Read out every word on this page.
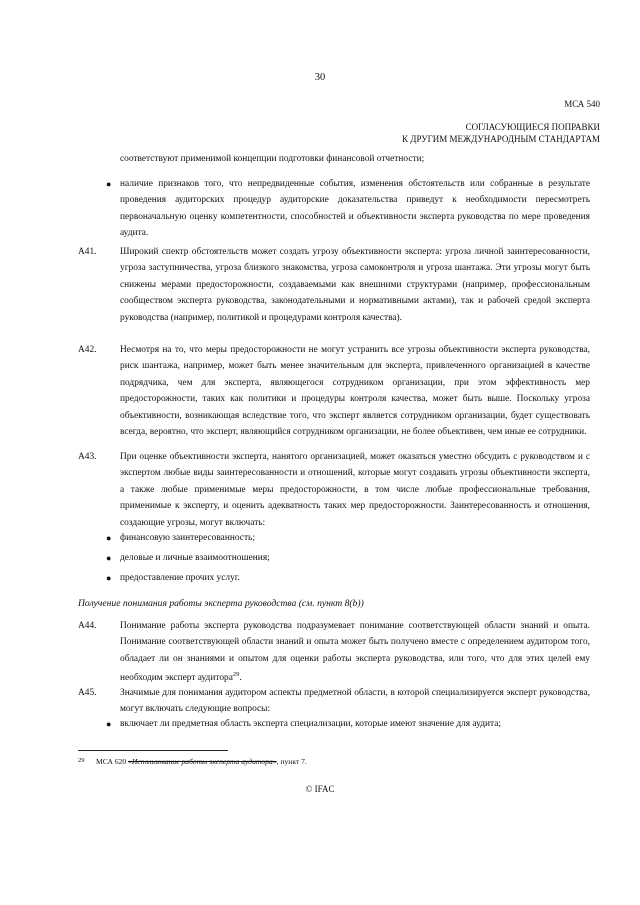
30
МСА 540
СОГЛАСУЮЩИЕСЯ ПОПРАВКИ
К ДРУГИМ МЕЖДУНАРОДНЫМ СТАНДАРТАМ
соответствуют применимой концепции подготовки финансовой отчетности;
● наличие признаков того, что непредвиденные события, изменения обстоятельств или собранные в результате проведения аудиторских процедур аудиторские доказательства приведут к необходимости пересмотреть первоначальную оценку компетентности, способностей и объективности эксперта руководства по мере проведения аудита.
A41.	Широкий спектр обстоятельств может создать угрозу объективности эксперта: угроза личной заинтересованности, угроза заступничества, угроза близкого знакомства, угроза самоконтроля и угроза шантажа. Эти угрозы могут быть снижены мерами предосторожности, создаваемыми как внешними структурами (например, профессиональным сообществом эксперта руководства, законодательными и нормативными актами), так и рабочей средой эксперта руководства (например, политикой и процедурами контроля качества).
A42.	Несмотря на то, что меры предосторожности не могут устранить все угрозы объективности эксперта руководства, риск шантажа, например, может быть менее значительным для эксперта, привлеченного организацией в качестве подрядчика, чем для эксперта, являющегося сотрудником организации, при этом эффективность мер предосторожности, таких как политики и процедуры контроля качества, может быть выше. Поскольку угроза объективности, возникающая вследствие того, что эксперт является сотрудником организации, будет существовать всегда, вероятно, что эксперт, являющийся сотрудником организации, не более объективен, чем иные ее сотрудники.
A43.	При оценке объективности эксперта, нанятого организацией, может оказаться уместно обсудить с руководством и с экспертом любые виды заинтересованности и отношений, которые могут создавать угрозы объективности эксперта, а также любые применимые меры предосторожности, в том числе любые профессиональные требования, применимые к эксперту, и оценить адекватность таких мер предосторожности. Заинтересованность и отношения, создающие угрозы, могут включать:
● финансовую заинтересованность;
● деловые и личные взаимоотношения;
● предоставление прочих услуг.
Получение понимания работы эксперта руководства (см. пункт 8(b))
A44.	Понимание работы эксперта руководства подразумевает понимание соответствующей области знаний и опыта. Понимание соответствующей области знаний и опыта может быть получено вместе с определением аудитором того, обладает ли он знаниями и опытом для оценки работы эксперта руководства, или того, что для этих целей ему необходим эксперт аудитора$^{29}$.
A45.	Значимые для понимания аудитором аспекты предметной области, в которой специализируется эксперт руководства, могут включать следующие вопросы:
● включает ли предметная область эксперта специализации, которые имеют значение для аудита;
29 МСА 620 «Использование работы эксперта аудитора», пункт 7.
© IFAC
